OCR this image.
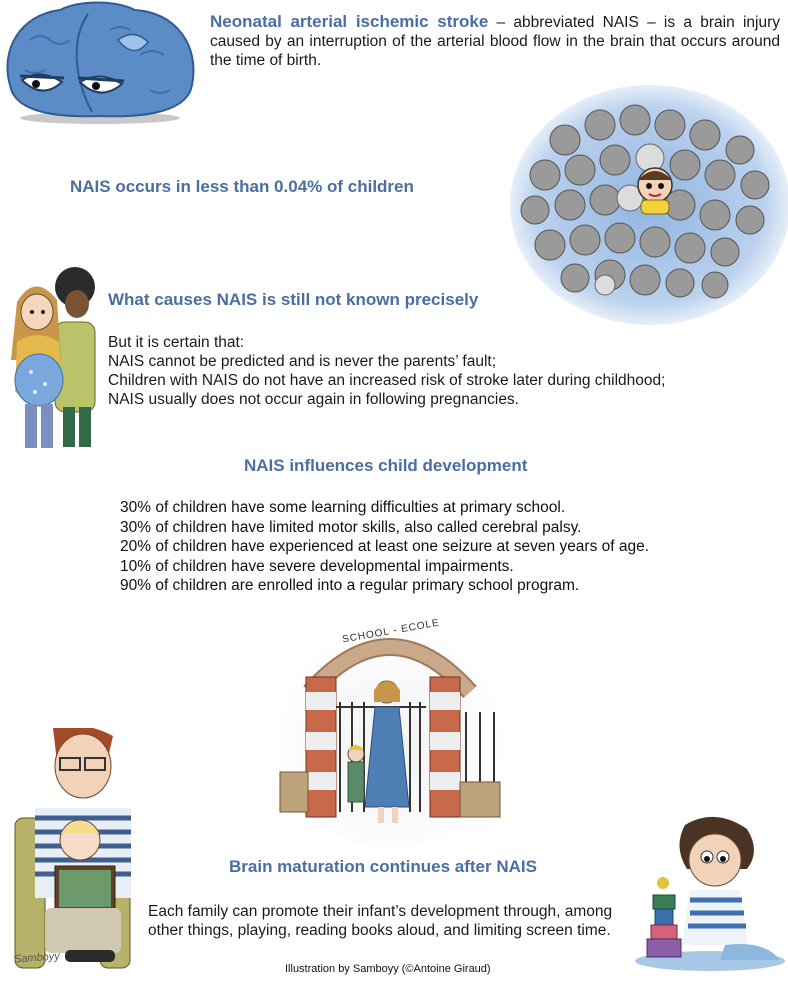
Neonatal arterial ischemic stroke – abbreviated NAIS – is a brain injury caused by an interruption of the arterial blood flow in the brain that occurs around the time of birth.
NAIS occurs in less than 0.04% of children
What causes NAIS is still not known precisely
But it is certain that:
NAIS cannot be predicted and is never the parents’ fault;
Children with NAIS do not have an increased risk of stroke later during childhood;
NAIS usually does not occur again in following pregnancies.
NAIS influences child development
30% of children have some learning difficulties at primary school.
30% of children have limited motor skills, also called cerebral palsy.
20% of children have experienced at least one seizure at seven years of age.
10% of children have severe developmental impairments.
90% of children are enrolled into a regular primary school program.
SCHOOL - ECOLE
Samboyy
Brain maturation continues after NAIS
Each family can promote their infant’s development through, among other things, playing, reading books aloud, and limiting screen time.
Illustration by Samboyy (©Antoine Giraud)
